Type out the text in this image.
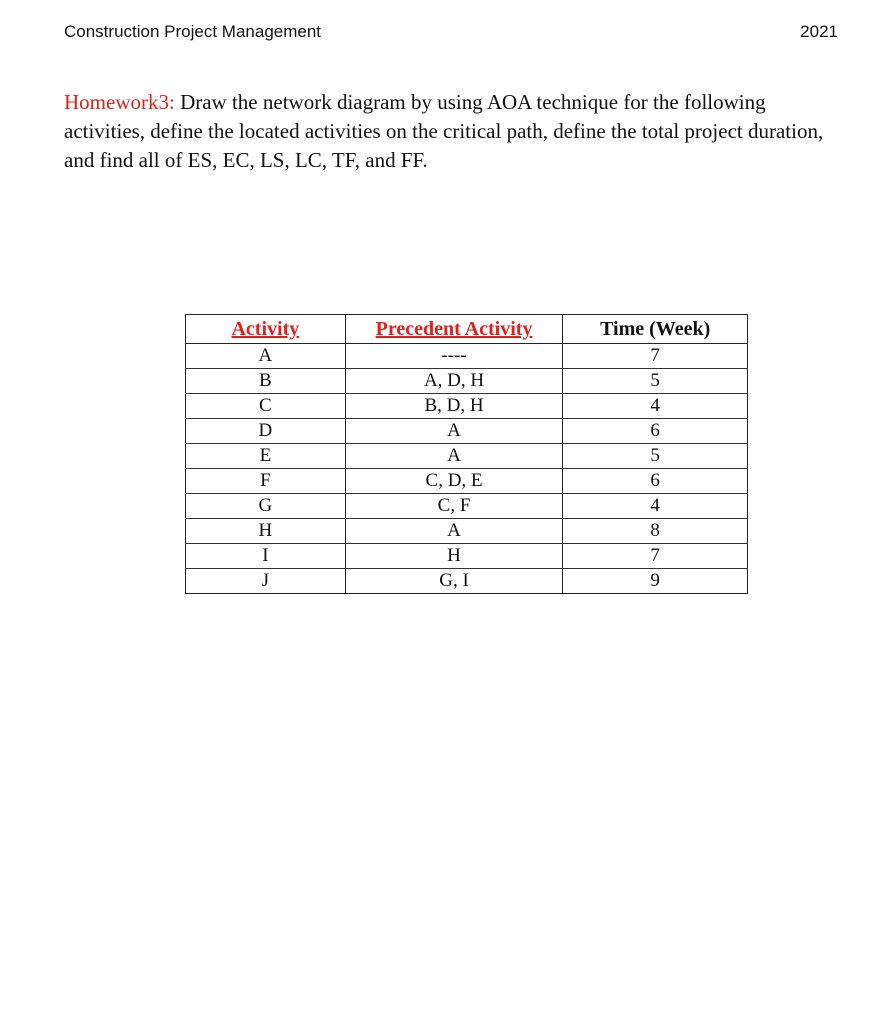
Construction Project Management	2021

Homework3: Draw the network diagram by using AOA technique for the following activities, define the located activities on the critical path, define the total project duration, and find all of ES, EC, LS, LC, TF, and FF.

Activity	Precedent Activity	Time (Week)
A	----	7
B	A, D, H	5
C	B, D, H	4
D	A	6
E	A	5
F	C, D, E	6
G	C, F	4
H	A	8
I	H	7
J	G, I	9
